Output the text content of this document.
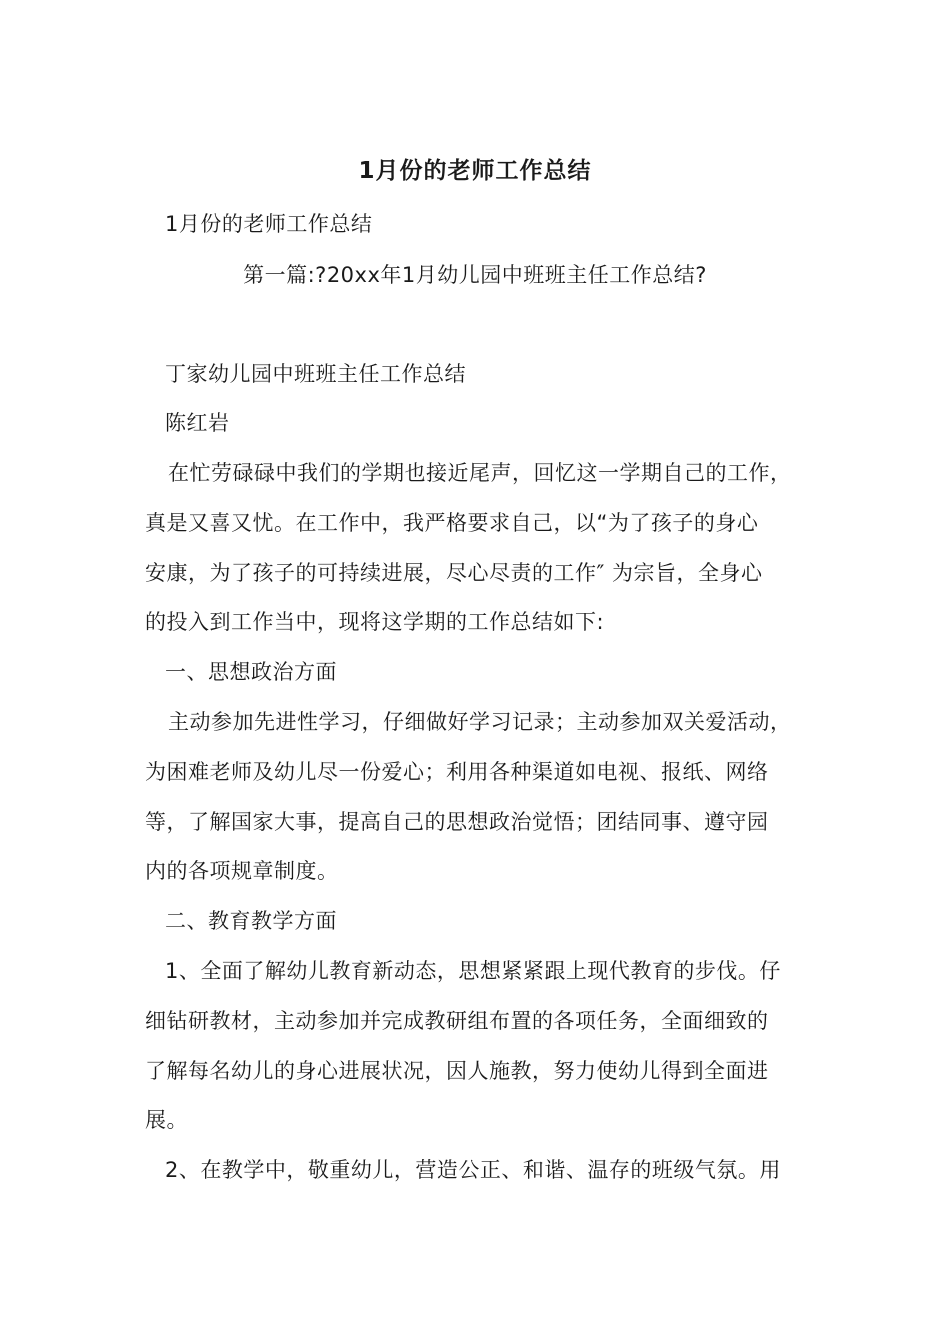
1月份的老师工作总结
1月份的老师工作总结
第一篇:?20xx年1月幼儿园中班班主任工作总结?
丁家幼儿园中班班主任工作总结
陈红岩
在忙劳碌碌中我们的学期也接近尾声，回忆这一学期自己的工作，
真是又喜又忧。在工作中，我严格要求自己，以“为了孩子的身心
安康，为了孩子的可持续进展，尽心尽责的工作″ 为宗旨，全身心
的投入到工作当中，现将这学期的工作总结如下:
一、思想政治方面
主动参加先进性学习，仔细做好学习记录；主动参加双关爱活动，
为困难老师及幼儿尽一份爱心；利用各种渠道如电视、报纸、网络
等，了解国家大事，提高自己的思想政治觉悟；团结同事、遵守园
内的各项规章制度。
二、教育教学方面
1、全面了解幼儿教育新动态，思想紧紧跟上现代教育的步伐。仔
细钻研教材，主动参加并完成教研组布置的各项任务，全面细致的
了解每名幼儿的身心进展状况，因人施教，努力使幼儿得到全面进
展。
2、在教学中，敬重幼儿，营造公正、和谐、温存的班级气氛。用
